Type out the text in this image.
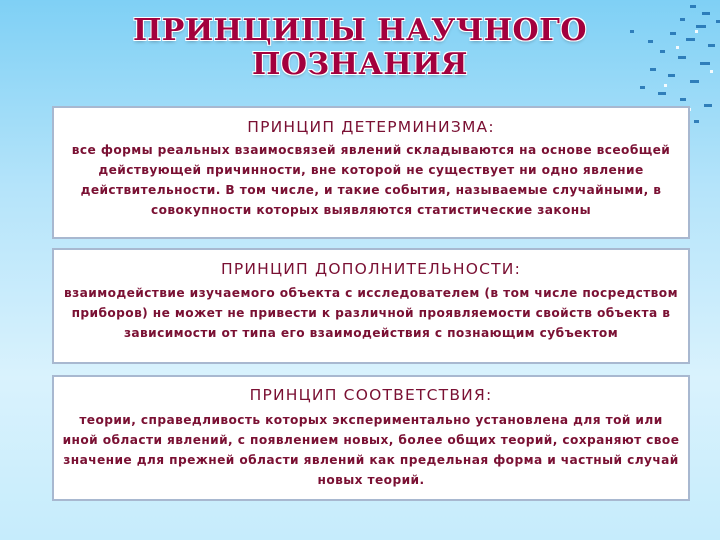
ПРИНЦИПЫ НАУЧНОГО
ПОЗНАНИЯ
ПРИНЦИП ДЕТЕРМИНИЗМА:

все формы реальных взаимосвязей явлений складываются на основе всеобщей действующей причинности, вне которой не существует ни одно явление действительности. В том числе, и такие события, называемые случайными, в совокупности которых выявляются статистические законы

ПРИНЦИП ДОПОЛНИТЕЛЬНОСТИ:

взаимодействие изучаемого объекта с исследователем (в том числе посредством приборов) не может не привести к различной проявляемости свойств объекта в зависимости от типа его взаимодействия с познающим субъектом

ПРИНЦИП СООТВЕТСТВИЯ:

теории, справедливость которых экспериментально установлена для той или иной области явлений, с появлением новых, более общих теорий, сохраняют свое значение для прежней области явлений как предельная форма и частный случай новых теорий.
